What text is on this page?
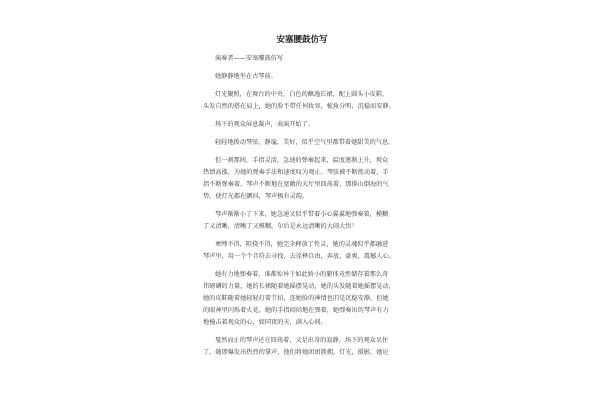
安塞腰鼓仿写
演奏者——安塞腰鼓仿写
她静静地坐在古琴前。
灯光聚照，在舞台的中央，白色的飘逸长裙，配上圆头小皮鞋，
头发自然的搭在肩上，她的脸不带任何妆容，梳角分明，沉稳而安静。
场下的观众屏息凝声，表演开始了。
轻轻地拨动琴弦，静谧，美好，似乎空气里都带着她甜美的气息。
但一刹那间，手指灵活，急速的弹奏起来，温度逐渐上升，观众
热情高涨。为她的弹奏手法和速度叹为观止。琴弦被不断拨动着，手
指不断弹奏着，琴声不断地在宽敞的大厅里回荡着，那排山倒海的气
势，使灯光都在颤抖，琴声极有灵韵。
琴声渐渐小了下来，她急速又似乎带着小心翼翼地弹奏着，模糊
了又清晰，清晰了又模糊，尔后是永远清晰的大闹大悟！
柬缚不得，阻挠不得，她完全释放了性灵，她的灵魂似乎都融进
琴声里，用一个个音符去寻找，去诠释自由，奔放，豪爽，震撼人心。
她有力地弹奏着，谁都惊异于如此娇小的躯体竟然储存着那么奇
伟磅礴的力量，她的长裙随着她摇摆晃动，她的头发随着她摇摆晃动，
她的皮鞋随着她轻轻打着节拍，连她脸的神情也旧是沉稳安静，但她
的眼神里闪烁着火花。她的手指闷闷地在弹着，她弹奏出的琴声有力
地撞击着观众的心，如同夜的天，满入心间。
戛然而止的琴声还在回荡着，又是出奇的寂静，场下的观众呆住
了，随即爆发出热烈的掌声，他们将她团团簇拥，灯光，摄影，她应
